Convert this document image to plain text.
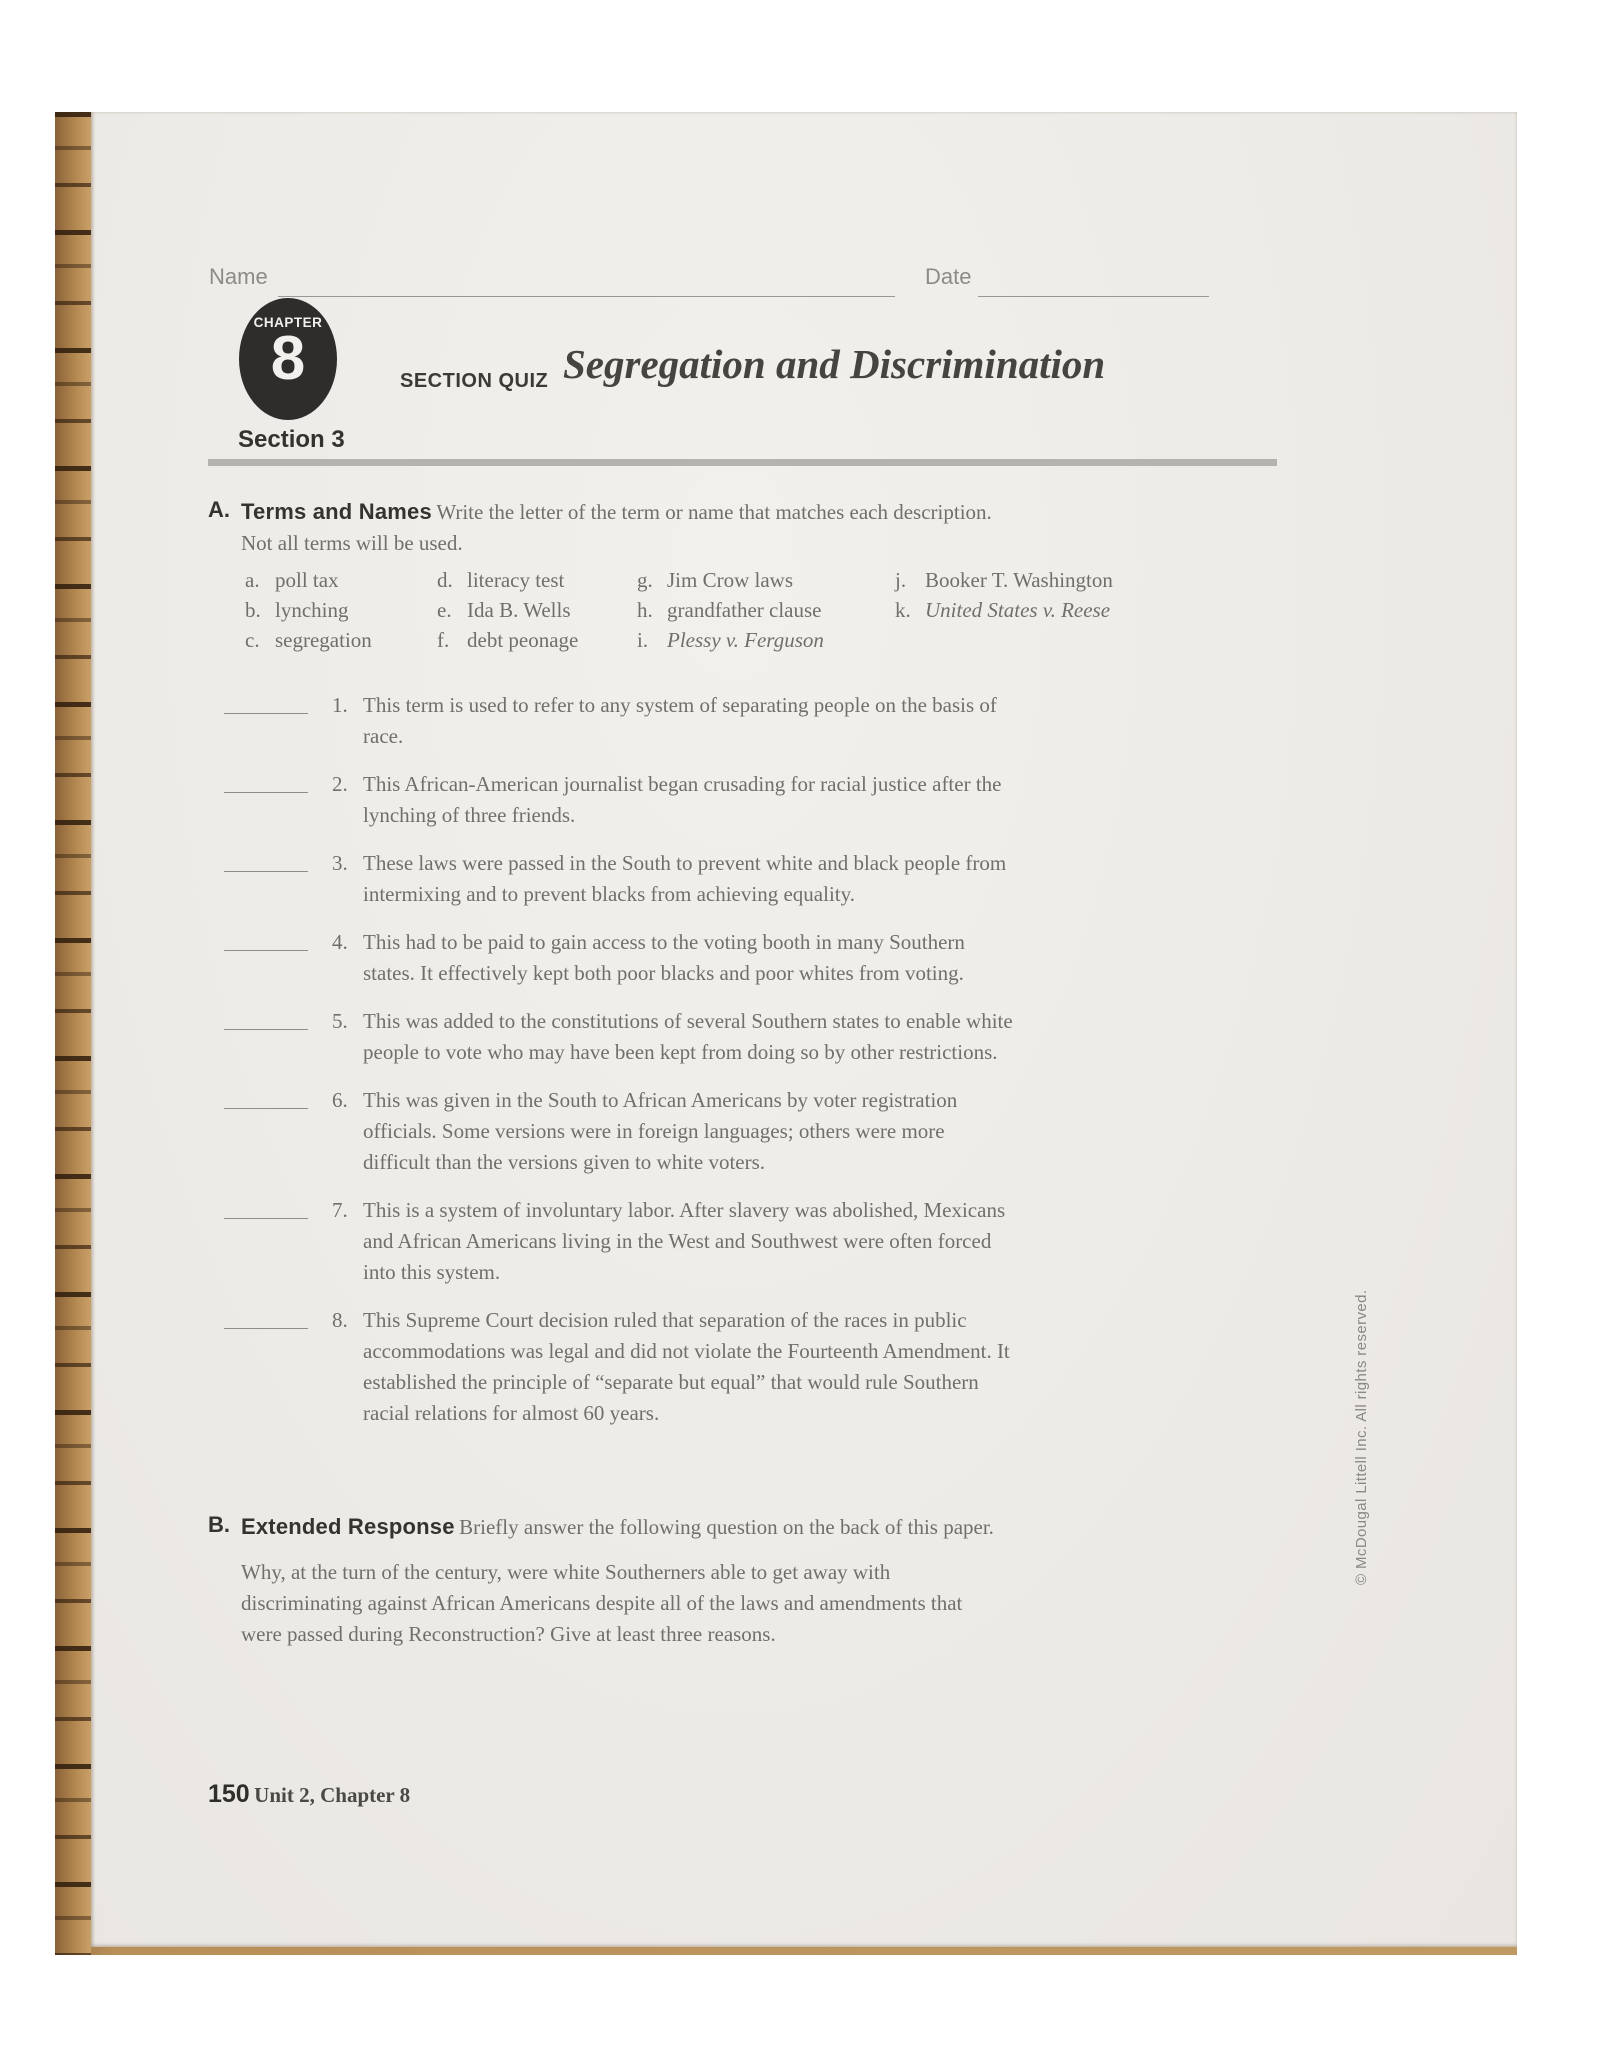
Name	Date
CHAPTER
8
Section 3
SECTION QUIZ Segregation and Discrimination
A. Terms and Names Write the letter of the term or name that matches each description. Not all terms will be used.
a. poll tax
b. lynching
c. segregation
d. literacy test
e. Ida B. Wells
f. debt peonage
g. Jim Crow laws
h. grandfather clause
i. Plessy v. Ferguson
j. Booker T. Washington
k. United States v. Reese
1. This term is used to refer to any system of separating people on the basis of race.
2. This African-American journalist began crusading for racial justice after the lynching of three friends.
3. These laws were passed in the South to prevent white and black people from intermixing and to prevent blacks from achieving equality.
4. This had to be paid to gain access to the voting booth in many Southern states. It effectively kept both poor blacks and poor whites from voting.
5. This was added to the constitutions of several Southern states to enable white people to vote who may have been kept from doing so by other restrictions.
6. This was given in the South to African Americans by voter registration officials. Some versions were in foreign languages; others were more difficult than the versions given to white voters.
7. This is a system of involuntary labor. After slavery was abolished, Mexicans and African Americans living in the West and Southwest were often forced into this system.
8. This Supreme Court decision ruled that separation of the races in public accommodations was legal and did not violate the Fourteenth Amendment. It established the principle of “separate but equal” that would rule Southern racial relations for almost 60 years.
B. Extended Response Briefly answer the following question on the back of this paper.
Why, at the turn of the century, were white Southerners able to get away with discriminating against African Americans despite all of the laws and amendments that were passed during Reconstruction? Give at least three reasons.
150 Unit 2, Chapter 8
© McDougal Littell Inc. All rights reserved.
